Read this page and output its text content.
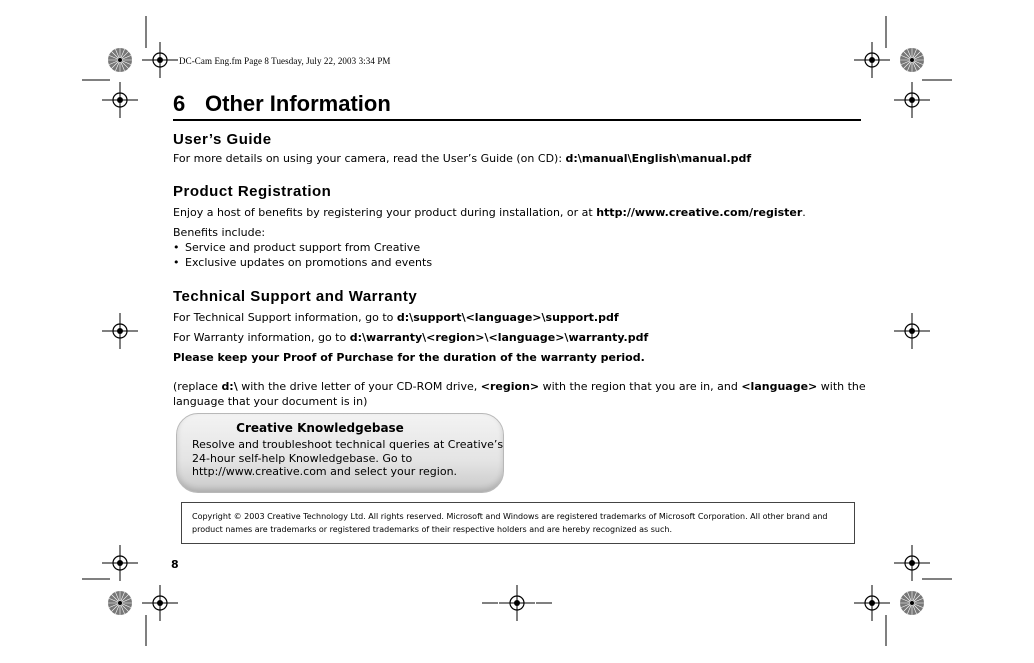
DC-Cam Eng.fm Page 8 Tuesday, July 22, 2003 3:34 PM
6 Other Information
User’s Guide
For more details on using your camera, read the User’s Guide (on CD): d:\manual\English\manual.pdf
Product Registration
Enjoy a host of benefits by registering your product during installation, or at http://www.creative.com/register.
Benefits include:
• Service and product support from Creative
• Exclusive updates on promotions and events
Technical Support and Warranty
For Technical Support information, go to d:\support\<language>\support.pdf
For Warranty information, go to d:\warranty\<region>\<language>\warranty.pdf
Please keep your Proof of Purchase for the duration of the warranty period.
(replace d:\ with the drive letter of your CD-ROM drive, <region> with the region that you are in, and <language> with the
language that your document is in)
Creative Knowledgebase
Resolve and troubleshoot technical queries at Creative’s
24-hour self-help Knowledgebase. Go to
http://www.creative.com and select your region.
Copyright © 2003 Creative Technology Ltd. All rights reserved. Microsoft and Windows are registered trademarks of Microsoft Corporation. All other brand and
product names are trademarks or registered trademarks of their respective holders and are hereby recognized as such.
8
